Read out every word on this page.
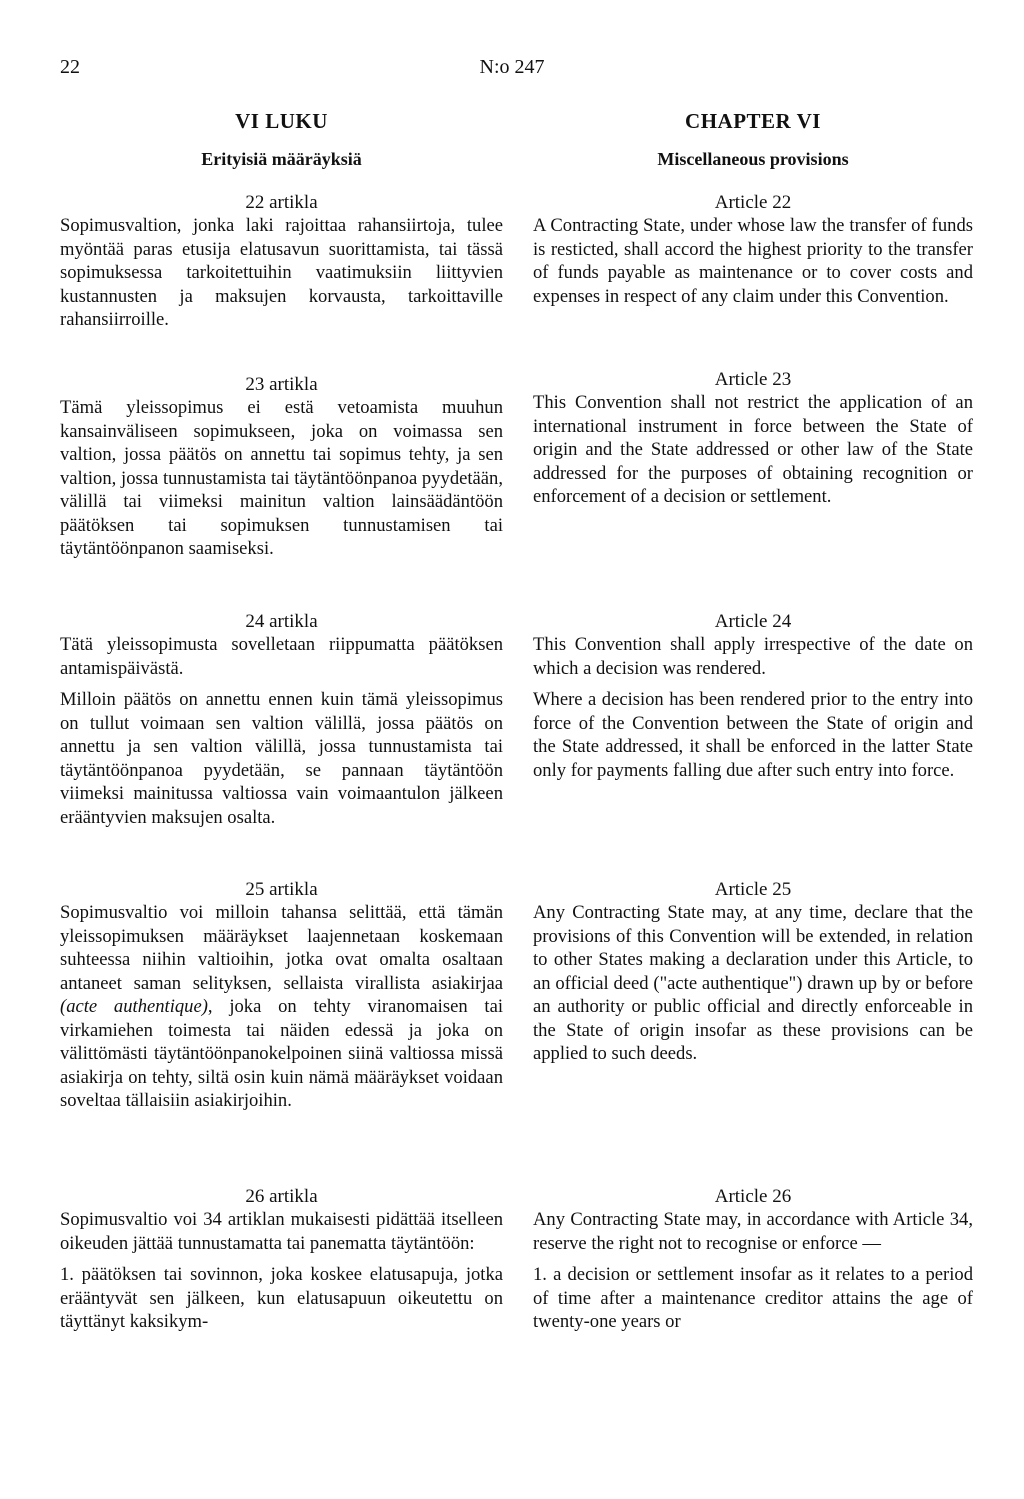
22	N:o 247
VI LUKU
Erityisiä määräyksiä

22 artikla

Sopimusvaltion, jonka laki rajoittaa rahansiirtoja, tulee myöntää paras etusija elatusavun suorittamista, tai tässä sopimuksessa tarkoitettuihin vaatimuksiin liittyvien kustannusten ja maksujen korvausta, tarkoittaville rahansiirroille.

23 artikla

Tämä yleissopimus ei estä vetoamista muuhun kansainväliseen sopimukseen, joka on voimassa sen valtion, jossa päätös on annettu tai sopimus tehty, ja sen valtion, jossa tunnustamista tai täytäntöönpanoa pyydetään, välillä tai viimeksi mainitun valtion lainsäädäntöön päätöksen tai sopimuksen tunnustamisen tai täytäntöönpanon saamiseksi.

24 artikla

Tätä yleissopimusta sovelletaan riippumatta päätöksen antamispäivästä.

Milloin päätös on annettu ennen kuin tämä yleissopimus on tullut voimaan sen valtion välillä, jossa päätös on annettu ja sen valtion välillä, jossa tunnustamista tai täytäntöönpanoa pyydetään, se pannaan täytäntöön viimeksi mainitussa valtiossa vain voimaantulon jälkeen erääntyvien maksujen osalta.

25 artikla

Sopimusvaltio voi milloin tahansa selittää, että tämän yleissopimuksen määräykset laajennetaan koskemaan suhteessa niihin valtioihin, jotka ovat omalta osaltaan antaneet saman selityksen, sellaista virallista asiakirjaa (acte authentique), joka on tehty viranomaisen tai virkamiehen toimesta tai näiden edessä ja joka on välittömästi täytäntöönpanokelpoinen siinä valtiossa missä asiakirja on tehty, siltä osin kuin nämä määräykset voidaan soveltaa tällaisiin asiakirjoihin.

26 artikla

Sopimusvaltio voi 34 artiklan mukaisesti pidättää itselleen oikeuden jättää tunnustamatta tai panematta täytäntöön:

1. päätöksen tai sovinnon, joka koskee elatusapuja, jotka erääntyvät sen jälkeen, kun elatusapuun oikeutettu on täyttänyt kaksikym-

CHAPTER VI
Miscellaneous provisions

Article 22

A Contracting State, under whose law the transfer of funds is resticted, shall accord the highest priority to the transfer of funds payable as maintenance or to cover costs and expenses in respect of any claim under this Convention.

Article 23

This Convention shall not restrict the application of an international instrument in force between the State of origin and the State addressed or other law of the State addressed for the purposes of obtaining recognition or enforcement of a decision or settlement.

Article 24

This Convention shall apply irrespective of the date on which a decision was rendered.

Where a decision has been rendered prior to the entry into force of the Convention between the State of origin and the State addressed, it shall be enforced in the latter State only for payments falling due after such entry into force.

Article 25

Any Contracting State may, at any time, declare that the provisions of this Convention will be extended, in relation to other States making a declaration under this Article, to an official deed ("acte authentique") drawn up by or before an authority or public official and directly enforceable in the State of origin insofar as these provisions can be applied to such deeds.

Article 26

Any Contracting State may, in accordance with Article 34, reserve the right not to recognise or enforce —

1. a decision or settlement insofar as it relates to a period of time after a maintenance creditor attains the age of twenty-one years or
